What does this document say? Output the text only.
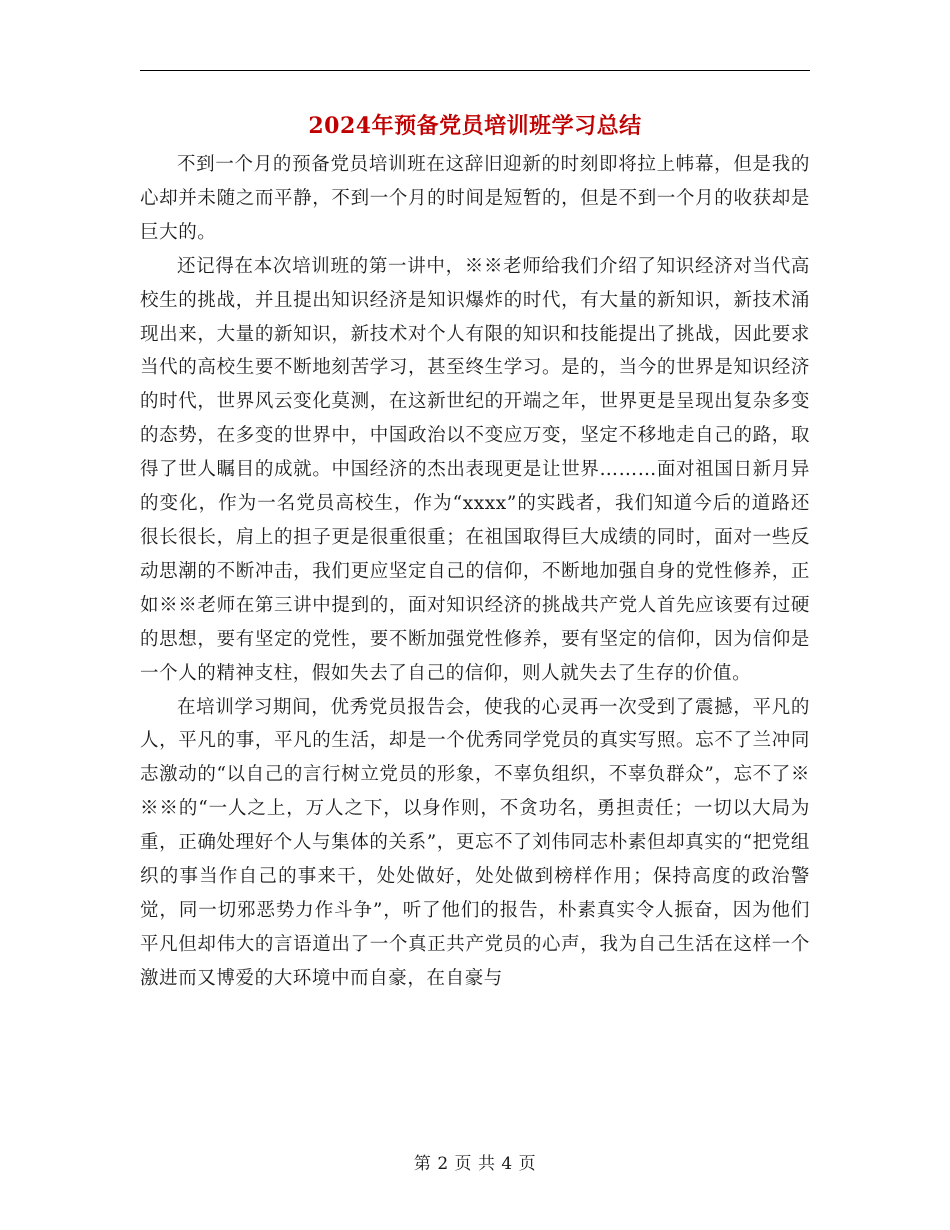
2024年预备党员培训班学习总结

不到一个月的预备党员培训班在这辞旧迎新的时刻即将拉上帏幕，但是我的心却并未随之而平静，不到一个月的时间是短暂的，但是不到一个月的收获却是巨大的。

还记得在本次培训班的第一讲中，※※老师给我们介绍了知识经济对当代高校生的挑战，并且提出知识经济是知识爆炸的时代，有大量的新知识，新技术涌现出来，大量的新知识，新技术对个人有限的知识和技能提出了挑战，因此要求当代的高校生要不断地刻苦学习，甚至终生学习。是的，当今的世界是知识经济的时代，世界风云变化莫测，在这新世纪的开端之年，世界更是呈现出复杂多变的态势，在多变的世界中，中国政治以不变应万变，坚定不移地走自己的路，取得了世人瞩目的成就。中国经济的杰出表现更是让世界………面对祖国日新月异的变化，作为一名党员高校生，作为“xxxx”的实践者，我们知道今后的道路还很长很长，肩上的担子更是很重很重；在祖国取得巨大成绩的同时，面对一些反动思潮的不断冲击，我们更应坚定自己的信仰，不断地加强自身的党性修养，正如※※老师在第三讲中提到的，面对知识经济的挑战共产党人首先应该要有过硬的思想，要有坚定的党性，要不断加强党性修养，要有坚定的信仰，因为信仰是一个人的精神支柱，假如失去了自己的信仰，则人就失去了生存的价值。

在培训学习期间，优秀党员报告会，使我的心灵再一次受到了震撼，平凡的人，平凡的事，平凡的生活，却是一个优秀同学党员的真实写照。忘不了兰冲同志激动的“以自己的言行树立党员的形象，不辜负组织，不辜负群众”，忘不了※※※的“一人之上，万人之下，以身作则，不贪功名，勇担责任；一切以大局为重，正确处理好个人与集体的关系”，更忘不了刘伟同志朴素但却真实的“把党组织的事当作自己的事来干，处处做好，处处做到榜样作用；保持高度的政治警觉，同一切邪恶势力作斗争”，听了他们的报告，朴素真实令人振奋，因为他们平凡但却伟大的言语道出了一个真正共产党员的心声，我为自己生活在这样一个激进而又博爱的大环境中而自豪，在自豪与

第 2 页 共 4 页
